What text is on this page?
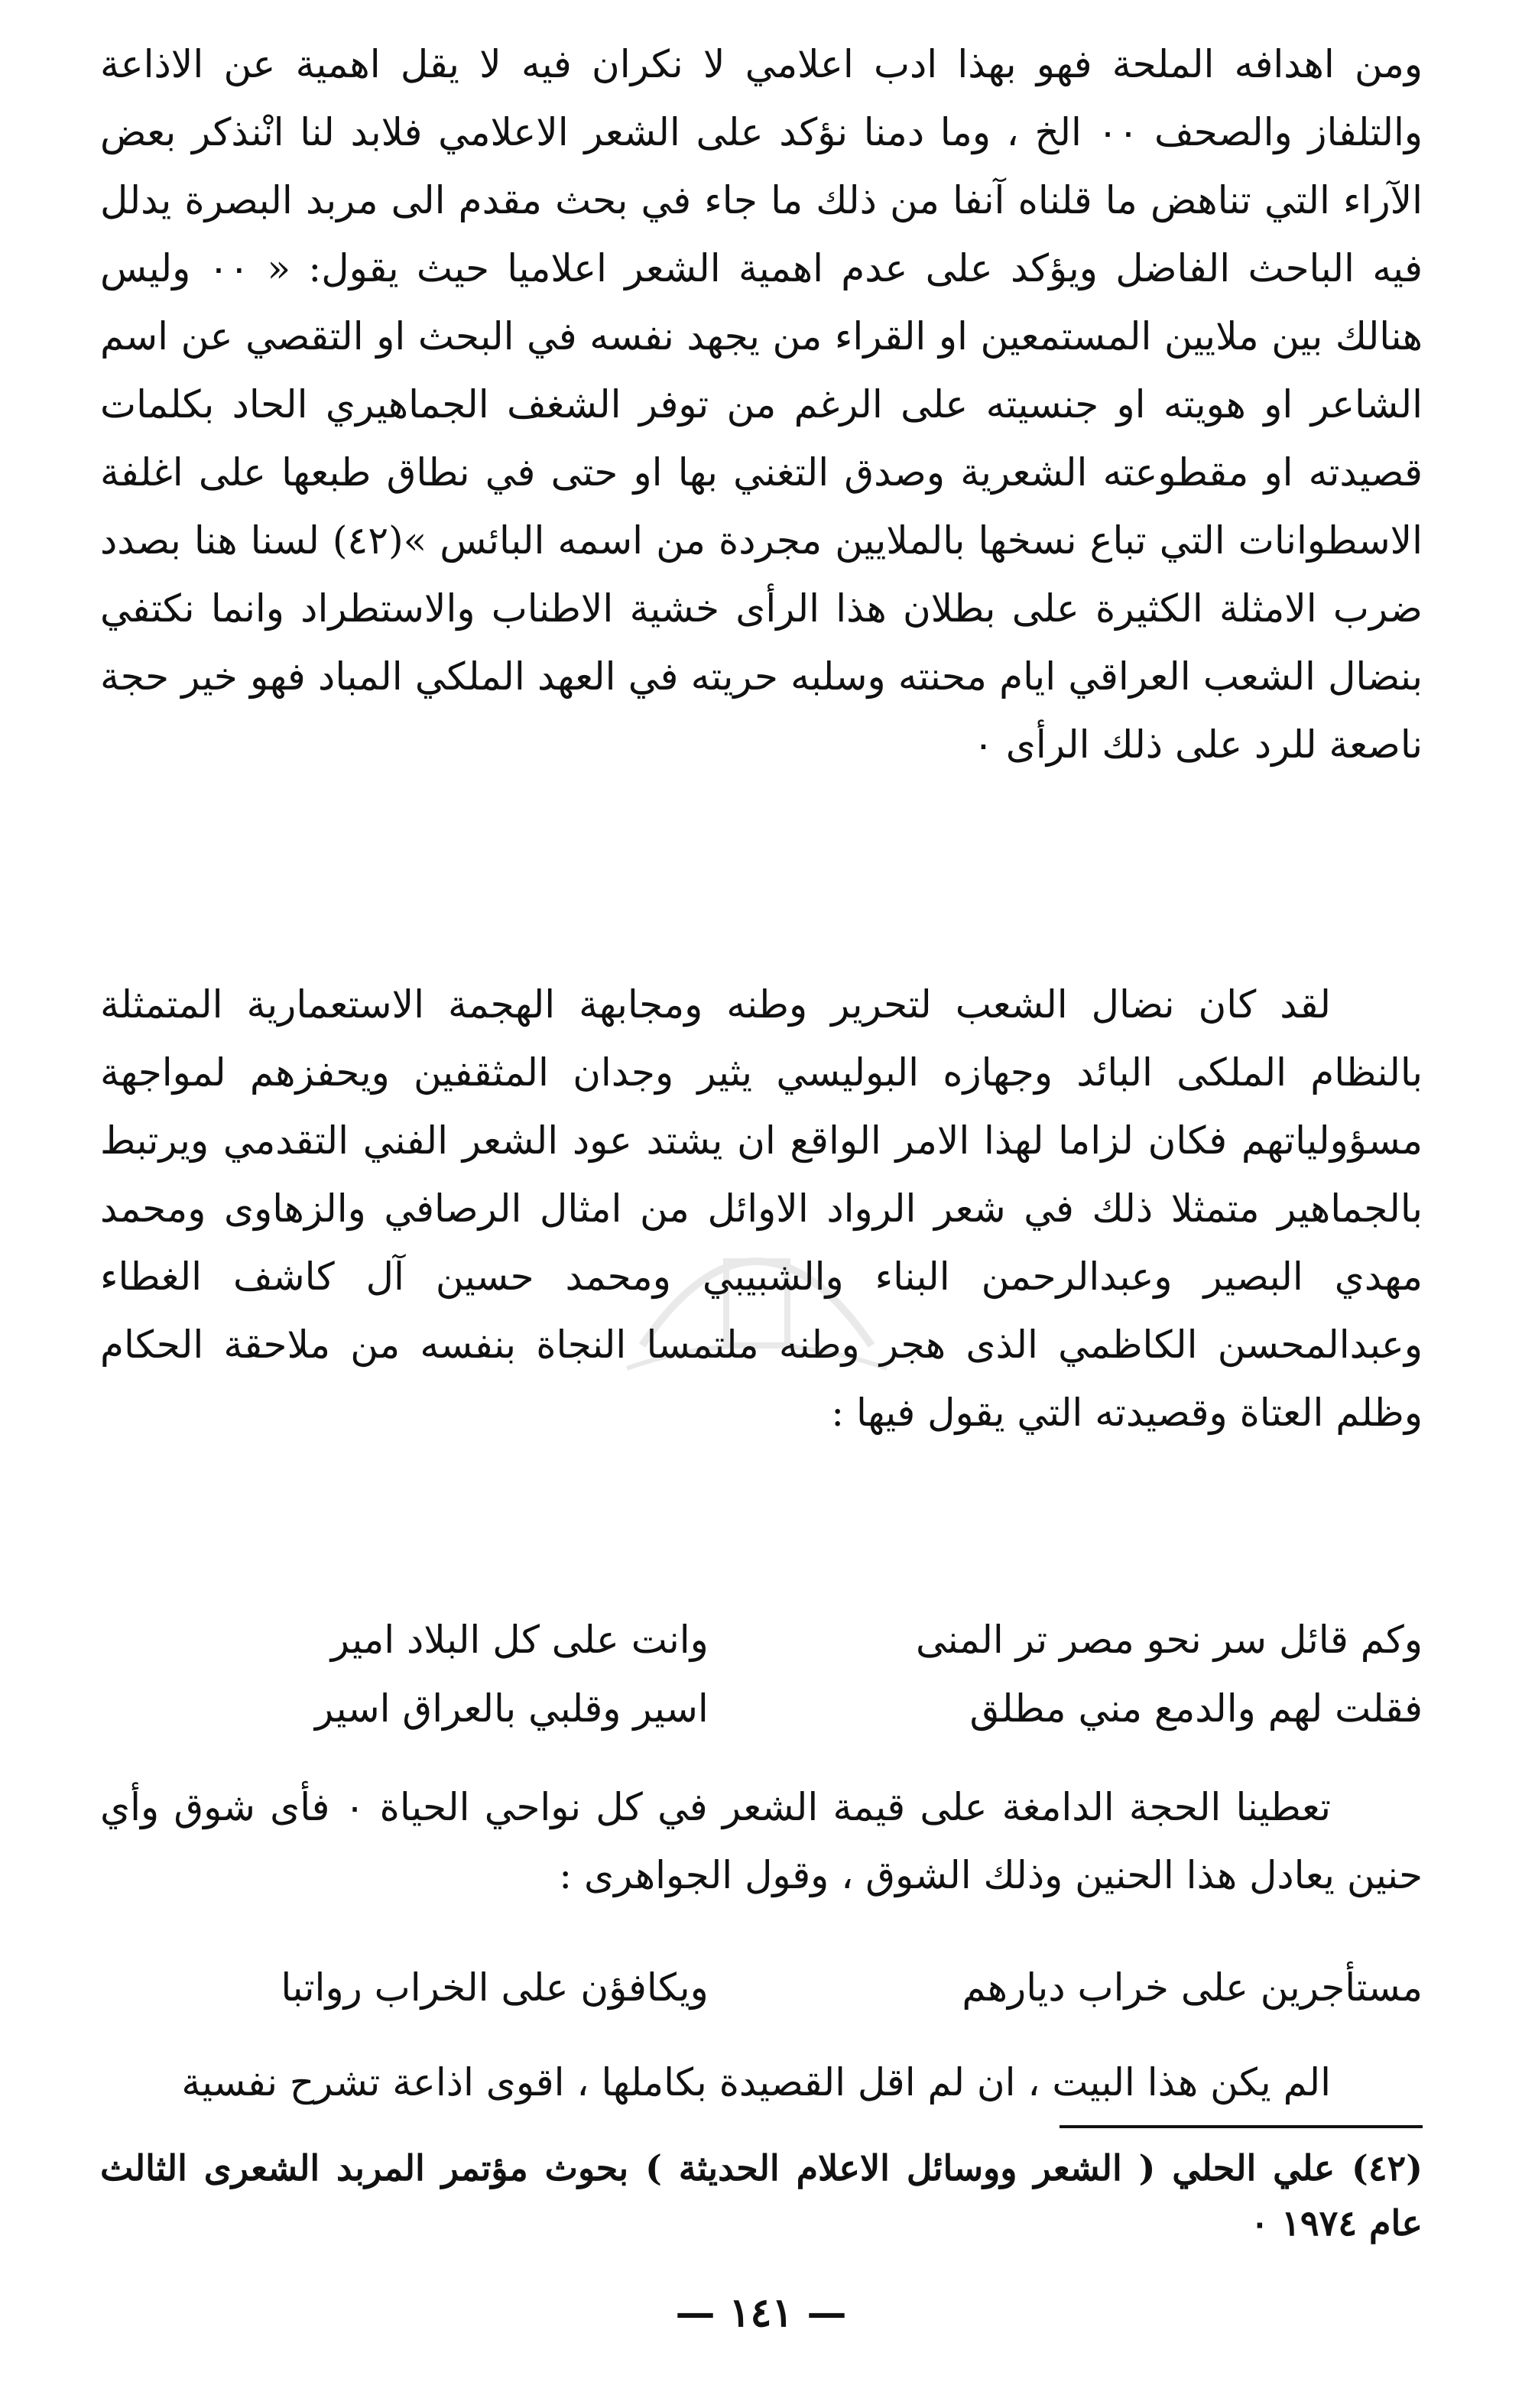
ومن اهدافه الملحة فهو بهذا ادب اعلامي لا نكران فيه لا يقل اهمية عن الاذاعة والتلفاز والصحف ٠٠ الخ ، وما دمنا نؤكد على الشعر الاعلامي فلابد لنا انْنذكر بعض الآراء التي تناهض ما قلناه آنفا من ذلك ما جاء في بحث مقدم الى مربد البصرة يدلل فيه الباحث الفاضل ويؤكد على عدم اهمية الشعر اعلاميا حيث يقول: « ٠٠ وليس هنالك بين ملايين المستمعين او القراء من يجهد نفسه في البحث او التقصي عن اسم الشاعر او هويته او جنسيته على الرغم من توفر الشغف الجماهيري الحاد بكلمات قصيدته او مقطوعته الشعرية وصدق التغني بها او حتى في نطاق طبعها على اغلفة الاسطوانات التي تباع نسخها بالملايين مجردة من اسمه البائس »(٤٢) لسنا هنا بصدد ضرب الامثلة الكثيرة على بطلان هذا الرأى خشية الاطناب والاستطراد وانما نكتفي بنضال الشعب العراقي ايام محنته وسلبه حريته في العهد الملكي المباد فهو خير حجة ناصعة للرد على ذلك الرأى ٠

لقد كان نضال الشعب لتحرير وطنه ومجابهة الهجمة الاستعمارية المتمثلة بالنظام الملكى البائد وجهازه البوليسي يثير وجدان المثقفين ويحفزهم لمواجهة مسؤولياتهم فكان لزاما لهذا الامر الواقع ان يشتد عود الشعر الفني التقدمي ويرتبط بالجماهير متمثلا ذلك في شعر الرواد الاوائل من امثال الرصافي والزهاوى ومحمد مهدي البصير وعبدالرحمن البناء والشبيبي ومحمد حسين آل كاشف الغطاء وعبدالمحسن الكاظمي الذى هجر وطنه ملتمسا النجاة بنفسه من ملاحقة الحكام وظلم العتاة وقصيدته التي يقول فيها :

وكم قائل سر نحو مصر تر المنى
وانت على كل البلاد امير
فقلت لهم والدمع مني مطلق
اسير وقلبي بالعراق اسير

تعطينا الحجة الدامغة على قيمة الشعر في كل نواحي الحياة ٠ فأى شوق وأي حنين يعادل هذا الحنين وذلك الشوق ، وقول الجواهرى :

مستأجرين على خراب ديارهم
ويكافؤن على الخراب رواتبا

الم يكن هذا البيت ، ان لم اقل القصيدة بكاملها ، اقوى اذاعة تشرح نفسية

(٤٢) علي الحلي ( الشعر ووسائل الاعلام الحديثة ) بحوث مؤتمر المربد الشعرى الثالث عام ١٩٧٤ ٠

— ١٤١ —
